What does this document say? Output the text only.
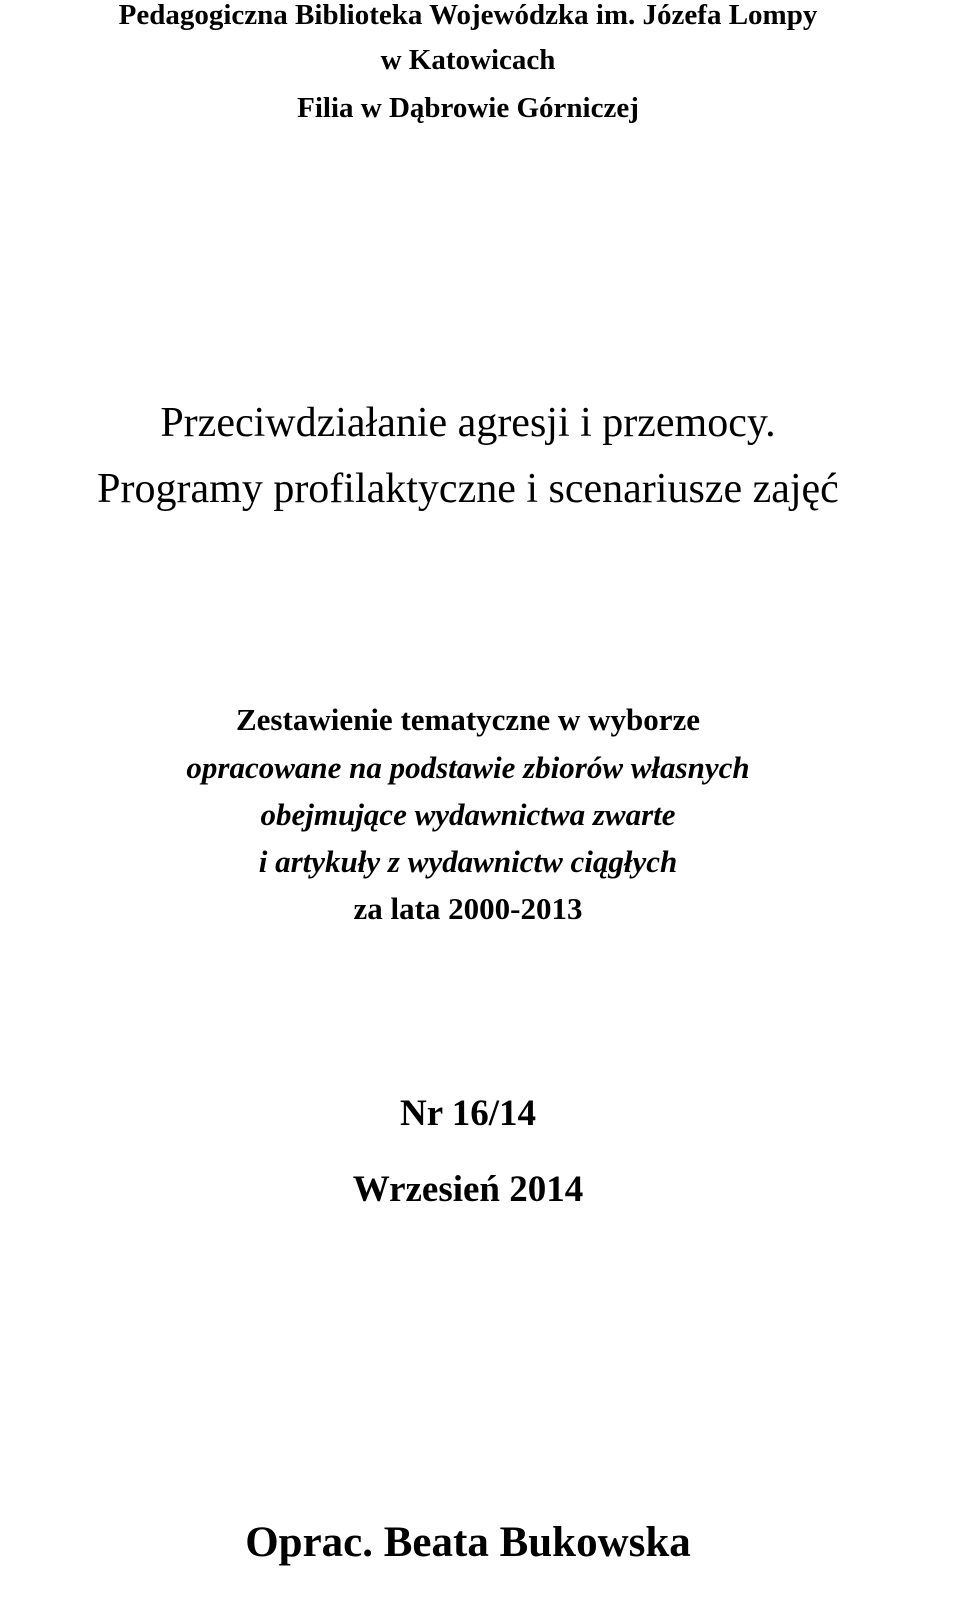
Pedagogiczna Biblioteka Wojewódzka im. Józefa Lompy

w Katowicach

Filia w Dąbrowie Górniczej

Przeciwdziałanie agresji i przemocy.

Programy profilaktyczne i scenariusze zajęć

Zestawienie tematyczne w wyborze

opracowane na podstawie zbiorów własnych

obejmujące wydawnictwa zwarte

i artykuły z wydawnictw ciągłych

za lata 2000-2013

Nr 16/14

Wrzesień 2014

Oprac. Beata Bukowska
